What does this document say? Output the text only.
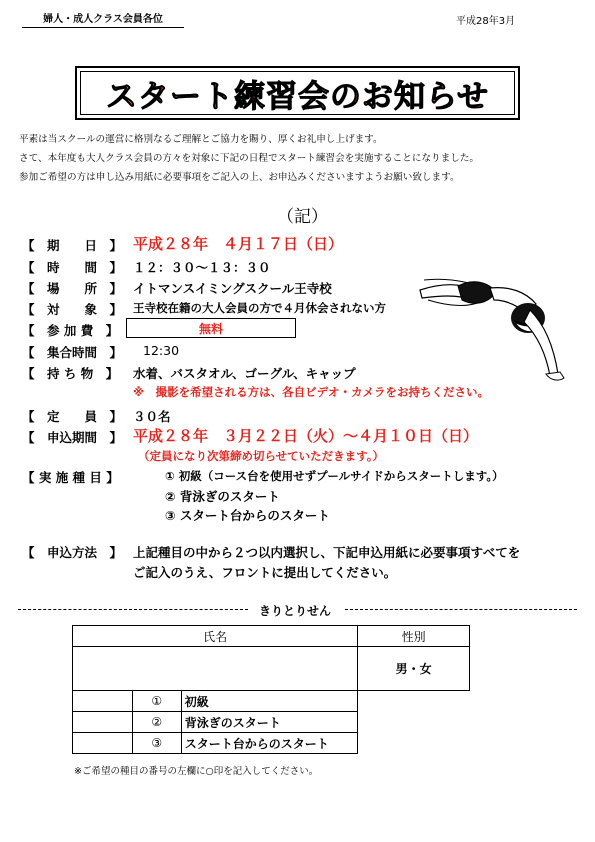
婦人・成人クラス会員各位	平成28年3月
スタート練習会のお知らせ
平素は当スクールの運営に格別なるご理解とご協力を賜り、厚くお礼申し上げます。
さて、本年度も大人クラス会員の方々を対象に下記の日程でスタート練習会を実施することになりました。
参加ご希望の方は申し込み用紙に必要事項をご記入の上、お申込みくださいますようお願い致します。
（記）
【　期　　日　】 平成２８年　４月１７日（日）
【　時　　間　】 １２：３０～１３：３０
【　場　　所　】 イトマンスイミングスクール王寺校
【　対　　象　】 王寺校在籍の大人会員の方で４月休会されない方
【　参 加 費　】	無料
【　集合時間　】 12:30
【　持 ち 物　】 水着、バスタオル、ゴーグル、キャップ
※　撮影を希望される方は、各自ビデオ・カメラをお持ちください。
【　定　　員　】 ３０名
【　申込期間　】 平成２８年　３月２２日（火）～４月１０日（日）
（定員になり次第締め切らせていただきます。）
【 実 施 種 目 】	① 初級（コース台を使用せずプールサイドからスタートします。）
② 背泳ぎのスタート
③ スタート台からのスタート
【　申込方法　】 上記種目の中から２つ以内選択し、下記申込用紙に必要事項すべてを
ご記入のうえ、フロントに提出してください。
きりとりせん
氏名			性別
			男・女
	①	初級	
	②	背泳ぎのスタート	
	③	スタート台からのスタート	
※ご希望の種目の番号の左欄に○印を記入してください。
